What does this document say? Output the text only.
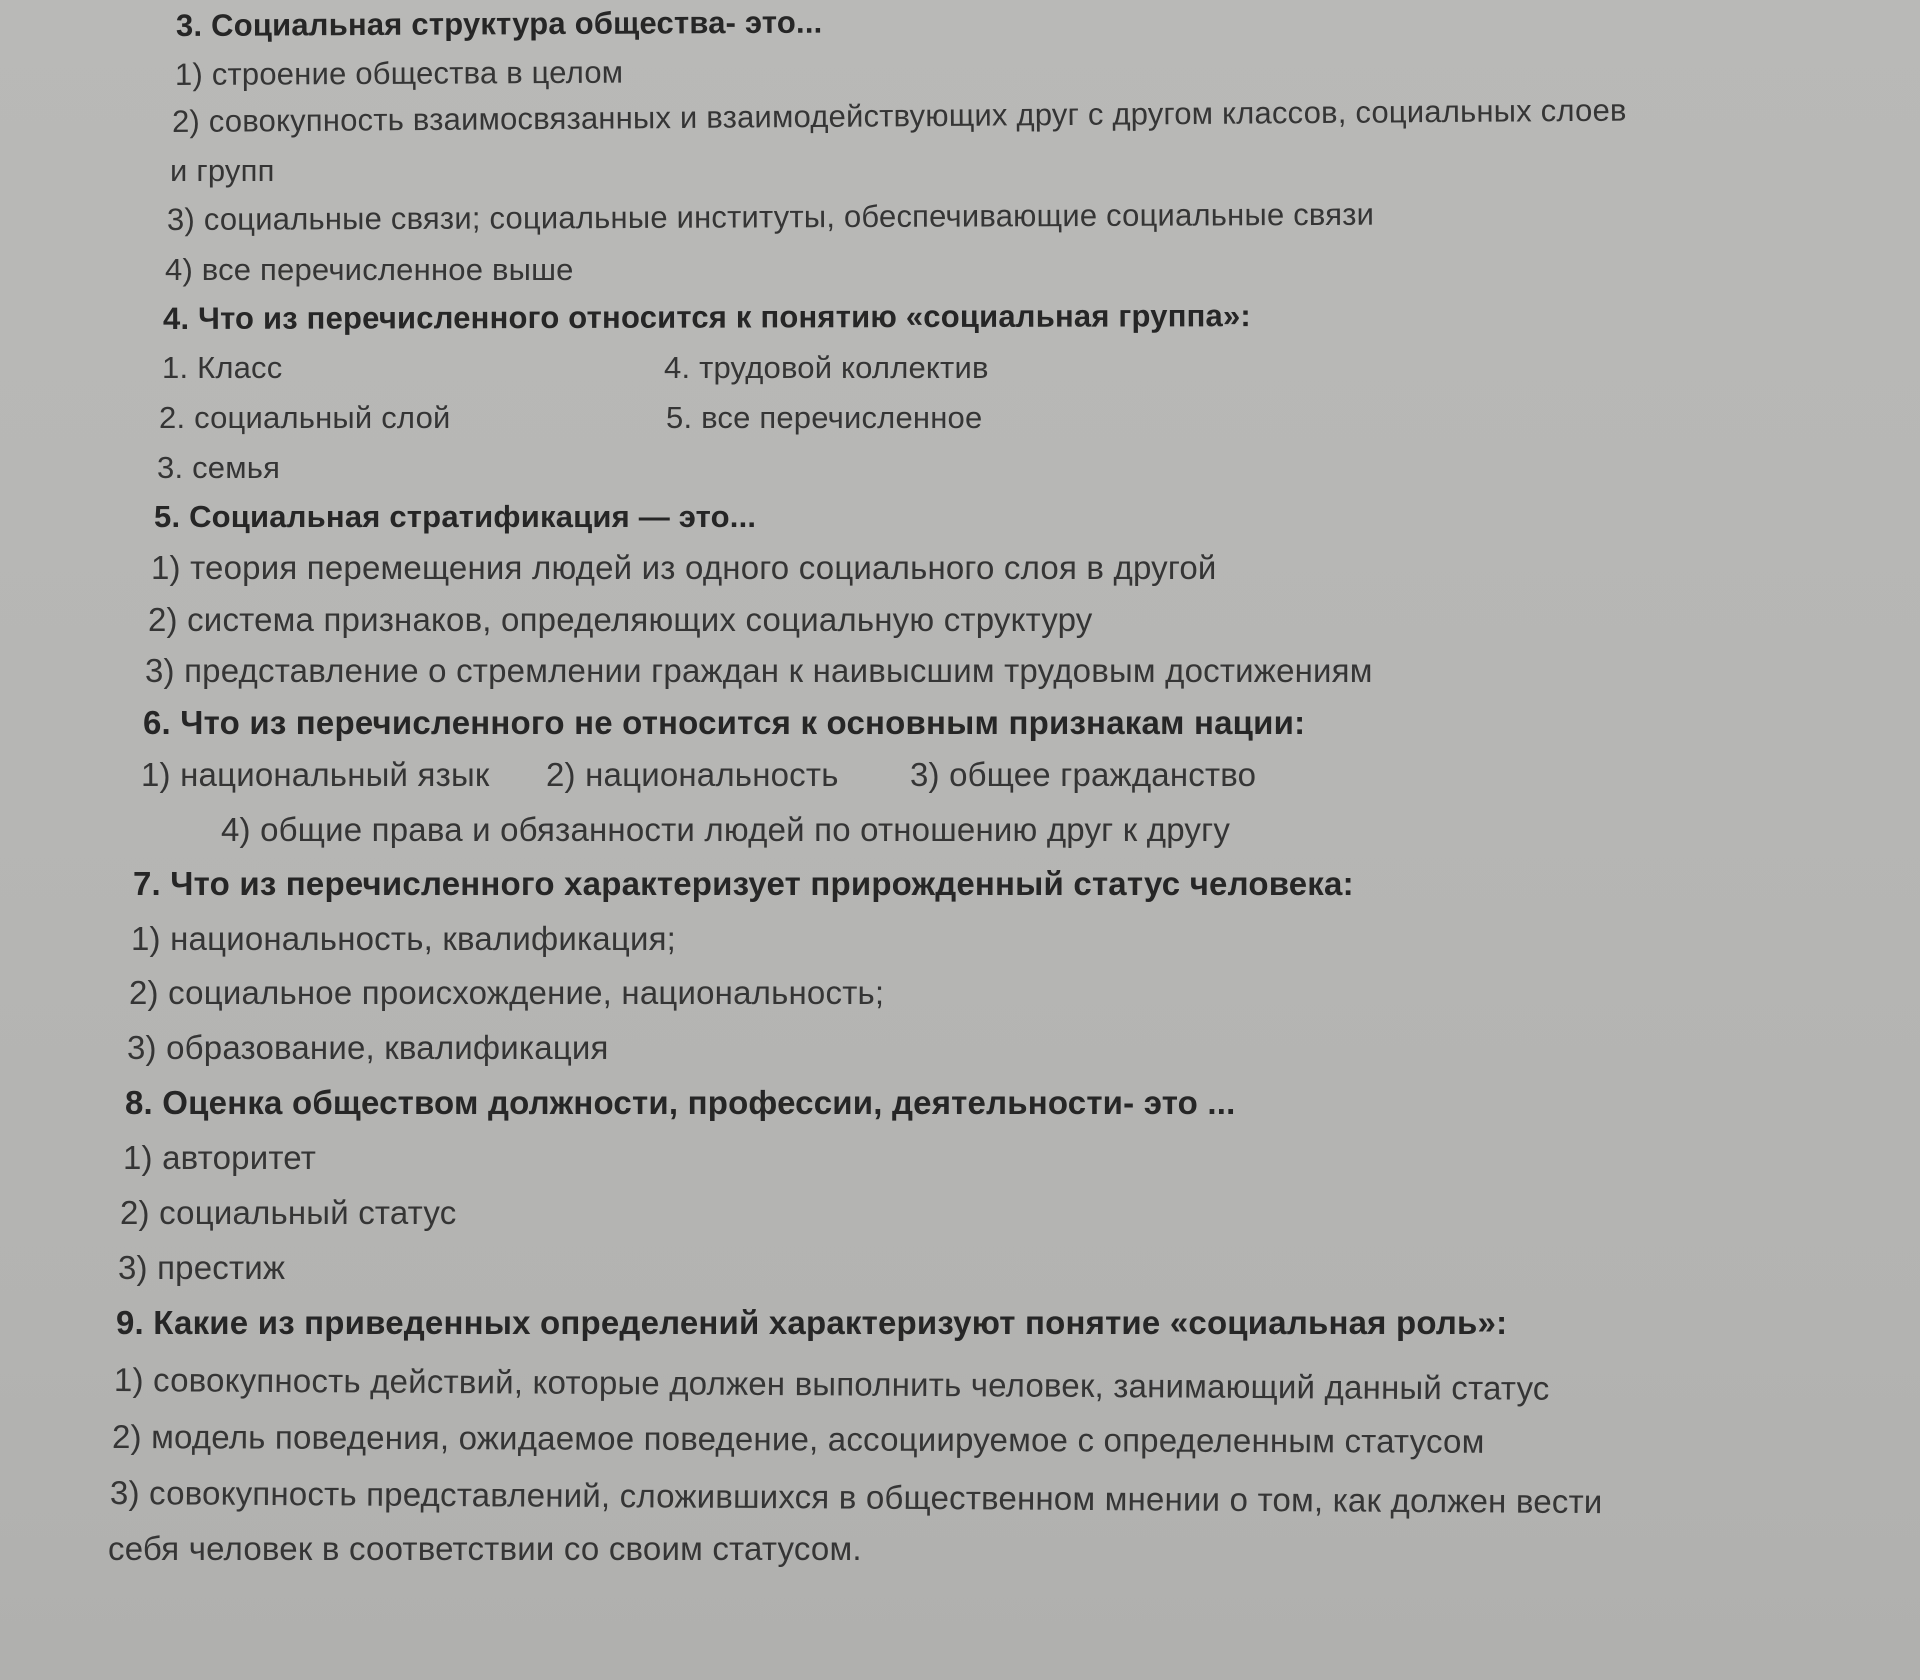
3. Социальная структура общества- это...
1) строение общества в целом
2) совокупность взаимосвязанных и взаимодействующих друг с другом классов, социальных слоев
и групп
3) социальные связи; социальные институты, обеспечивающие социальные связи
4) все перечисленное выше
4. Что из перечисленного относится к понятию «социальная группа»:
1. Класс	4. трудовой коллектив
2. социальный слой	5. все перечисленное
3. семья
5. Социальная стратификация — это...
1) теория перемещения людей из одного социального слоя в другой
2) система признаков, определяющих социальную структуру
3) представление о стремлении граждан к наивысшим трудовым достижениям
6. Что из перечисленного не относится к основным признакам нации:
1) национальный язык 2) национальность 3) общее гражданство
4) общие права и обязанности людей по отношению друг к другу
7. Что из перечисленного характеризует прирожденный статус человека:
1) национальность, квалификация;
2) социальное происхождение, национальность;
3) образование, квалификация
8. Оценка обществом должности, профессии, деятельности- это ...
1) авторитет
2) социальный статус
3) престиж
9. Какие из приведенных определений характеризуют понятие «социальная роль»:
1) совокупность действий, которые должен выполнить человек, занимающий данный статус
2) модель поведения, ожидаемое поведение, ассоциируемое с определенным статусом
3) совокупность представлений, сложившихся в общественном мнении о том, как должен вести
себя человек в соответствии со своим статусом.
